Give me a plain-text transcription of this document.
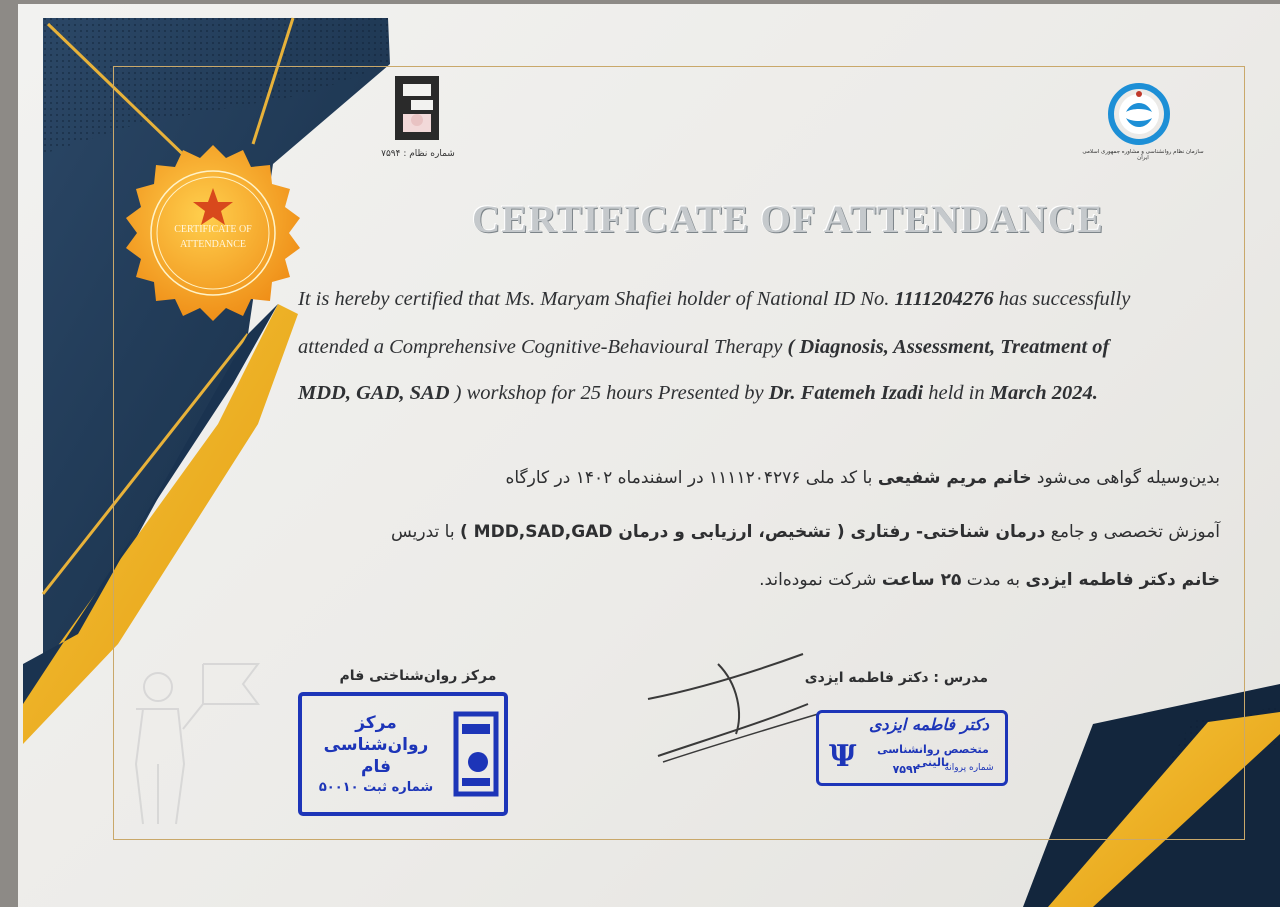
CERTIFICATE OF ATTENDANCE
شماره نظام : ۷۵۹۴	سازمان نظام روانشناسی و مشاوره جمهوری اسلامی ایران
CERTIFICATE OF ATTENDANCE
It is hereby certified that Ms. Maryam Shafiei holder of National ID No. 1111204276 has successfully
attended a Comprehensive Cognitive-Behavioural Therapy ( Diagnosis, Assessment, Treatment of
MDD, GAD, SAD ) workshop for 25 hours Presented by Dr. Fatemeh Izadi held in March 2024.
بدین‌وسیله گواهی می‌شود خانم مریم شفیعی با کد ملی ۱۱۱۱۲۰۴۲۷۶ در اسفندماه ۱۴۰۲ در کارگاه
آموزش تخصصی و جامع درمان شناختی- رفتاری ( تشخیص، ارزیابی و درمان MDD,SAD,GAD ) با تدریس
خانم دکتر فاطمه ایزدی به مدت ۲۵ ساعت شرکت نموده‌اند.
مرکز روان‌شناختی فام
مرکز روان‌شناسی فام
شماره ثبت ۵۰۰۱۰
مدرس : دکتر فاطمه ایزدی
دکتر فاطمه ایزدی
Ψ	متخصص روانشناسی بالینی
شماره پروانه
۷۵۹۴
